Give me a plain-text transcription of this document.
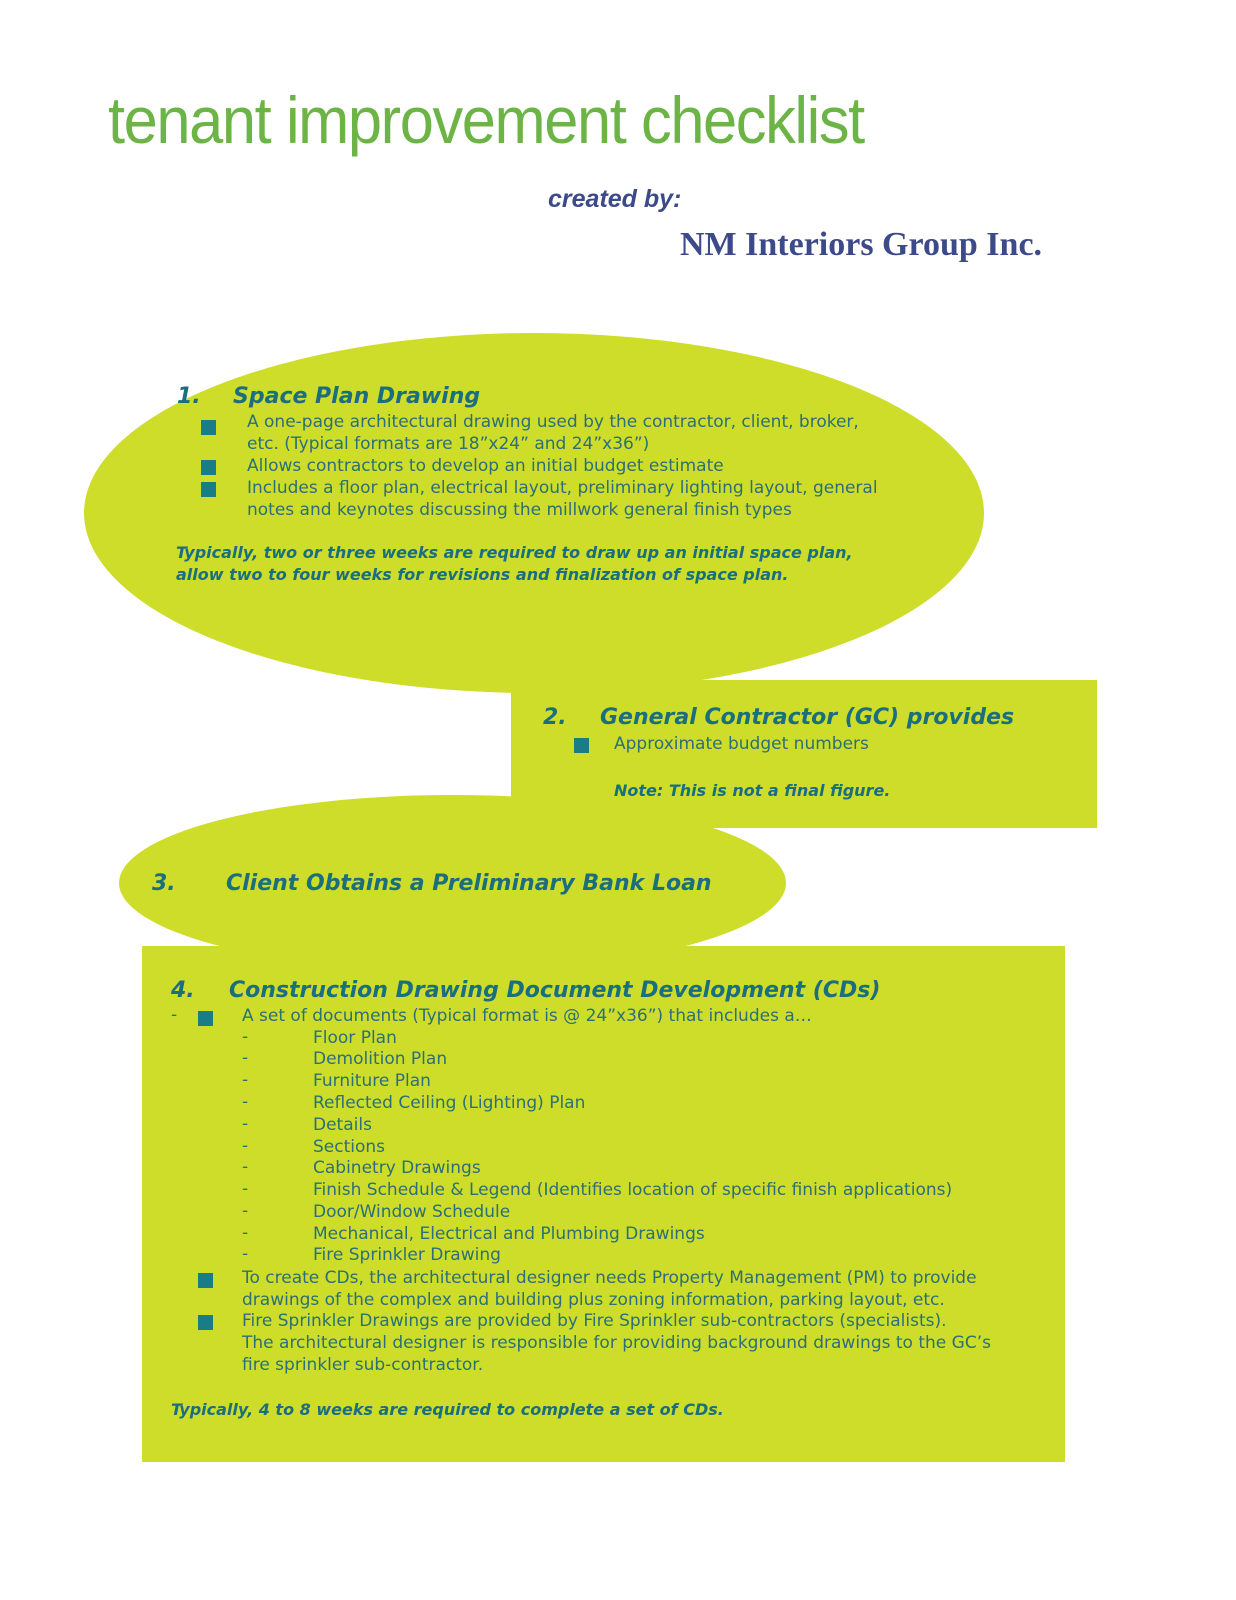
tenant improvement checklist
created by:
NM Interiors Group Inc.
1. Space Plan Drawing
A one-page architectural drawing used by the contractor, client, broker,
etc. (Typical formats are 18”x24” and 24”x36”)
Allows contractors to develop an initial budget estimate
Includes a floor plan, electrical layout, preliminary lighting layout, general
notes and keynotes discussing the millwork general finish types
Typically, two or three weeks are required to draw up an initial space plan,
allow two to four weeks for revisions and finalization of space plan.
2. General Contractor (GC) provides
Approximate budget numbers
Note: This is not a final figure.
3. Client Obtains a Preliminary Bank Loan
4. Construction Drawing Document Development (CDs)
-	A set of documents (Typical format is @ 24”x36”) that includes a…
-	Floor Plan
-	Demolition Plan
-	Furniture Plan
-	Reflected Ceiling (Lighting) Plan
-	Details
-	Sections
-	Cabinetry Drawings
-	Finish Schedule & Legend (Identifies location of specific finish applications)
-	Door/Window Schedule
-	Mechanical, Electrical and Plumbing Drawings
-	Fire Sprinkler Drawing
To create CDs, the architectural designer needs Property Management (PM) to provide
drawings of the complex and building plus zoning information, parking layout, etc.
Fire Sprinkler Drawings are provided by Fire Sprinkler sub-contractors (specialists).
The architectural designer is responsible for providing background drawings to the GC’s
fire sprinkler sub-contractor.
Typically, 4 to 8 weeks are required to complete a set of CDs.
